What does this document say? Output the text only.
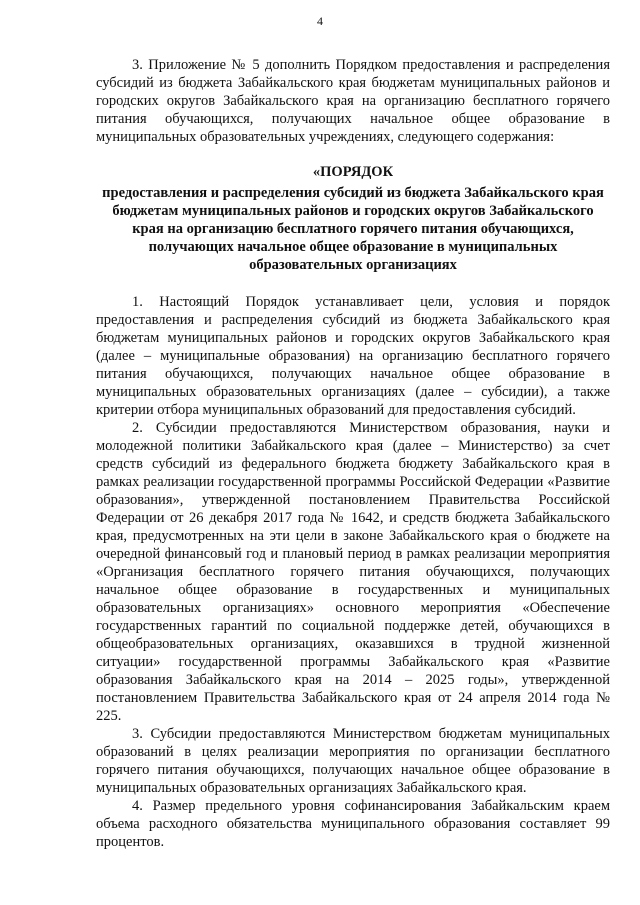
4

3. Приложение № 5 дополнить Порядком предоставления и распределения субсидий из бюджета Забайкальского края бюджетам муниципальных районов и городских округов Забайкальского края на организацию бесплатного горячего питания обучающихся, получающих начальное общее образование в муниципальных образовательных учреждениях, следующего содержания:

«ПОРЯДОК

предоставления и распределения субсидий из бюджета Забайкальского края бюджетам муниципальных районов и городских округов Забайкальского края на организацию бесплатного горячего питания обучающихся, получающих начальное общее образование в муниципальных образовательных организациях

1. Настоящий Порядок устанавливает цели, условия и порядок предоставления и распределения субсидий из бюджета Забайкальского края бюджетам муниципальных районов и городских округов Забайкальского края (далее – муниципальные образования) на организацию бесплатного горячего питания обучающихся, получающих начальное общее образование в муниципальных образовательных организациях (далее – субсидии), а также критерии отбора муниципальных образований для предоставления субсидий.

2. Субсидии предоставляются Министерством образования, науки и молодежной политики Забайкальского края (далее – Министерство) за счет средств субсидий из федерального бюджета бюджету Забайкальского края в рамках реализации государственной программы Российской Федерации «Развитие образования», утвержденной постановлением Правительства Российской Федерации от 26 декабря 2017 года № 1642, и средств бюджета Забайкальского края, предусмотренных на эти цели в законе Забайкальского края о бюджете на очередной финансовый год и плановый период в рамках реализации мероприятия «Организация бесплатного горячего питания обучающихся, получающих начальное общее образование в государственных и муниципальных образовательных организациях» основного мероприятия «Обеспечение государственных гарантий по социальной поддержке детей, обучающихся в общеобразовательных организациях, оказавшихся в трудной жизненной ситуации» государственной программы Забайкальского края «Развитие образования Забайкальского края на 2014 – 2025 годы», утвержденной постановлением Правительства Забайкальского края от 24 апреля 2014 года № 225.

3. Субсидии предоставляются Министерством бюджетам муниципальных образований в целях реализации мероприятия по организации бесплатного горячего питания обучающихся, получающих начальное общее образование в муниципальных образовательных организациях Забайкальского края.

4. Размер предельного уровня софинансирования Забайкальским краем объема расходного обязательства муниципального образования составляет 99 процентов.
